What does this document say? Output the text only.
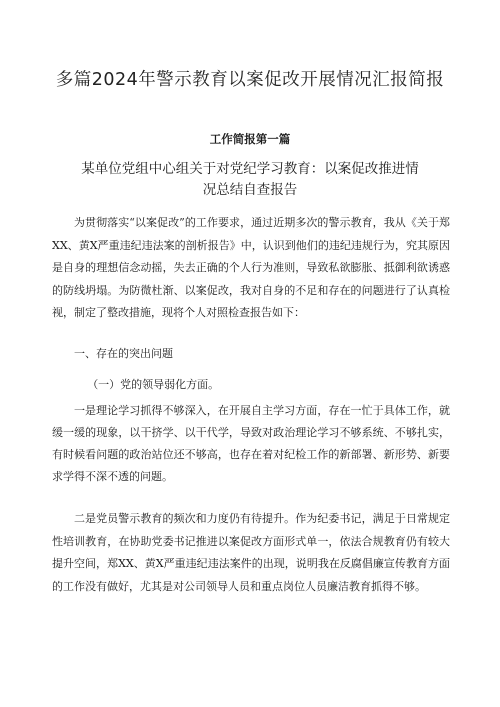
多篇2024年警示教育以案促改开展情况汇报简报
工作简报第一篇
某单位党组中心组关于对党纪学习教育：以案促改推进情
况总结自查报告

为贯彻落实“以案促改”的工作要求，通过近期多次的警示教育，我从《关于郑XX、黄X严重违纪违法案的剖析报告》中，认识到他们的违纪违规行为，究其原因是自身的理想信念动摇，失去正确的个人行为准则，导致私欲膨胀、抵御利欲诱惑的防线坍塌。为防微杜渐、以案促改，我对自身的不足和存在的问题进行了认真检视，制定了整改措施，现将个人对照检查报告如下：

一、存在的突出问题

（一）党的领导弱化方面。

一是理论学习抓得不够深入，在开展自主学习方面，存在一忙于具体工作，就缓一缓的现象，以干挤学、以干代学，导致对政治理论学习不够系统、不够扎实，有时候看问题的政治站位还不够高，也存在着对纪检工作的新部署、新形势、新要求学得不深不透的问题。

二是党员警示教育的频次和力度仍有待提升。作为纪委书记，满足于日常规定性培训教育，在协助党委书记推进以案促改方面形式单一，依法合规教育仍有较大提升空间，郑XX、黄X严重违纪违法案件的出现，说明我在反腐倡廉宣传教育方面的工作没有做好，尤其是对公司领导人员和重点岗位人员廉洁教育抓得不够。
